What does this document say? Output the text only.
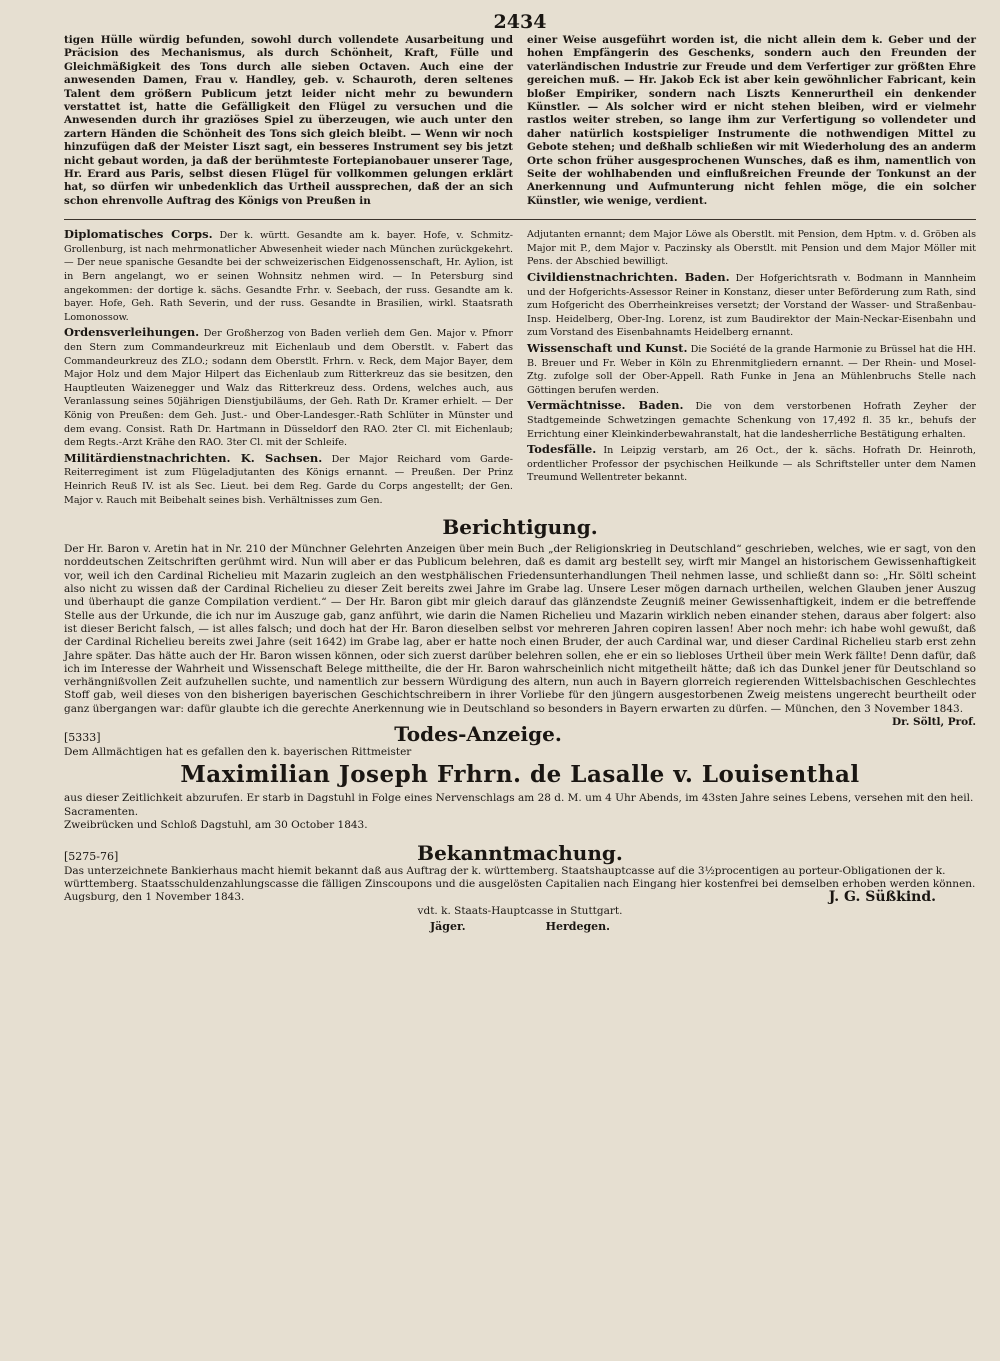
2434

tigen Hülle würdig befunden, sowohl durch vollendete Ausarbeitung und Präcision des Mechanismus, als durch Schönheit, Kraft, Fülle und Gleichmäßigkeit des Tons durch alle sieben Octaven. Auch eine der anwesenden Damen, Frau v. Handley, geb. v. Schauroth, deren seltenes Talent dem größern Publicum jetzt leider nicht mehr zu bewundern verstattet ist, hatte die Gefälligkeit den Flügel zu versuchen und die Anwesenden durch ihr graziöses Spiel zu überzeugen, wie auch unter den zartern Händen die Schönheit des Tons sich gleich bleibt. — Wenn wir noch hinzufügen daß der Meister Liszt sagt, ein besseres Instrument sey bis jetzt nicht gebaut worden, ja daß der berühmteste Fortepianobauer unserer Tage, Hr. Erard aus Paris, selbst diesen Flügel für vollkommen gelungen erklärt hat, so dürfen wir unbedenklich das Urtheil aussprechen, daß der an sich schon ehrenvolle Auftrag des Königs von Preußen in

einer Weise ausgeführt worden ist, die nicht allein dem k. Geber und der hohen Empfängerin des Geschenks, sondern auch den Freunden der vaterländischen Industrie zur Freude und dem Verfertiger zur größten Ehre gereichen muß. — Hr. Jakob Eck ist aber kein gewöhnlicher Fabricant, kein bloßer Empiriker, sondern nach Liszts Kennerurtheil ein denkender Künstler. — Als solcher wird er nicht stehen bleiben, wird er vielmehr rastlos weiter streben, so lange ihm zur Verfertigung so vollendeter und daher natürlich kostspieliger Instrumente die nothwendigen Mittel zu Gebote stehen; und deßhalb schließen wir mit Wiederholung des an anderm Orte schon früher ausgesprochenen Wunsches, daß es ihm, namentlich von Seite der wohlhabenden und einflußreichen Freunde der Tonkunst an der Anerkennung und Aufmunterung nicht fehlen möge, die ein solcher Künstler, wie wenige, verdient.

Diplomatisches Corps. Der k. württ. Gesandte am k. bayer. Hofe, v. Schmitz-Grollenburg, ist nach mehrmonatlicher Abwesenheit wieder nach München zurückgekehrt. — Der neue spanische Gesandte bei der schweizerischen Eidgenossenschaft, Hr. Aylion, ist in Bern angelangt, wo er seinen Wohnsitz nehmen wird. — In Petersburg sind angekommen: der dortige k. sächs. Gesandte Frhr. v. Seebach, der russ. Gesandte am k. bayer. Hofe, Geh. Rath Severin, und der russ. Gesandte in Brasilien, wirkl. Staatsrath Lomonossow.

Ordensverleihungen. Der Großherzog von Baden verlieh dem Gen. Major v. Pfnorr den Stern zum Commandeurkreuz mit Eichenlaub und dem Oberstlt. v. Fabert das Commandeurkreuz des ZLO.; sodann dem Oberstlt. Frhrn. v. Reck, dem Major Bayer, dem Major Holz und dem Major Hilpert das Eichenlaub zum Ritterkreuz das sie besitzen, den Hauptleuten Waizenegger und Walz das Ritterkreuz dess. Ordens, welches auch, aus Veranlassung seines 50jährigen Dienstjubiläums, der Geh. Rath Dr. Kramer erhielt. — Der König von Preußen: dem Geh. Just.- und Ober-Landesger.-Rath Schlüter in Münster und dem evang. Consist. Rath Dr. Hartmann in Düsseldorf den RAO. 2ter Cl. mit Eichenlaub; dem Regts.-Arzt Krähe den RAO. 3ter Cl. mit der Schleife.

Militärdienstnachrichten. K. Sachsen. Der Major Reichard vom Garde-Reiterregiment ist zum Flügeladjutanten des Königs ernannt. — Preußen. Der Prinz Heinrich Reuß IV. ist als Sec. Lieut. bei dem Reg. Garde du Corps angestellt; der Gen. Major v. Rauch mit Beibehalt seines bish. Verhältnisses zum Gen.

Adjutanten ernannt; dem Major Löwe als Oberstlt. mit Pension, dem Hptm. v. d. Gröben als Major mit P., dem Major v. Paczinsky als Oberstlt. mit Pension und dem Major Möller mit Pens. der Abschied bewilligt.

Civildienstnachrichten. Baden. Der Hofgerichtsrath v. Bodmann in Mannheim und der Hofgerichts-Assessor Reiner in Konstanz, dieser unter Beförderung zum Rath, sind zum Hofgericht des Oberrheinkreises versetzt; der Vorstand der Wasser- und Straßenbau-Insp. Heidelberg, Ober-Ing. Lorenz, ist zum Baudirektor der Main-Neckar-Eisenbahn und zum Vorstand des Eisenbahnamts Heidelberg ernannt.

Wissenschaft und Kunst. Die Société de la grande Harmonie zu Brüssel hat die HH. B. Breuer und Fr. Weber in Köln zu Ehrenmitgliedern ernannt. — Der Rhein- und Mosel-Ztg. zufolge soll der Ober-Appell. Rath Funke in Jena an Mühlenbruchs Stelle nach Göttingen berufen werden.

Vermächtnisse. Baden. Die von dem verstorbenen Hofrath Zeyher der Stadtgemeinde Schwetzingen gemachte Schenkung von 17,492 fl. 35 kr., behufs der Errichtung einer Kleinkinderbewahranstalt, hat die landesherrliche Bestätigung erhalten.

Todesfälle. In Leipzig verstarb, am 26 Oct., der k. sächs. Hofrath Dr. Heinroth, ordentlicher Professor der psychischen Heilkunde — als Schriftsteller unter dem Namen Treumund Wellentreter bekannt.

Berichtigung.

Der Hr. Baron v. Aretin hat in Nr. 210 der Münchner Gelehrten Anzeigen über mein Buch „der Religionskrieg in Deutschland“ geschrieben, welches, wie er sagt, von den norddeutschen Zeitschriften gerühmt wird. Nun will aber er das Publicum belehren, daß es damit arg bestellt sey, wirft mir Mangel an historischem Gewissenhaftigkeit vor, weil ich den Cardinal Richelieu mit Mazarin zugleich an den westphälischen Friedensunterhandlungen Theil nehmen lasse, und schließt dann so: „Hr. Söltl scheint also nicht zu wissen daß der Cardinal Richelieu zu dieser Zeit bereits zwei Jahre im Grabe lag. Unsere Leser mögen darnach urtheilen, welchen Glauben jener Auszug und überhaupt die ganze Compilation verdient.“ — Der Hr. Baron gibt mir gleich darauf das glänzendste Zeugniß meiner Gewissenhaftigkeit, indem er die betreffende Stelle aus der Urkunde, die ich nur im Auszuge gab, ganz anführt, wie darin die Namen Richelieu und Mazarin wirklich neben einander stehen, daraus aber folgert: also ist dieser Bericht falsch, — ist alles falsch; und doch hat der Hr. Baron dieselben selbst vor mehreren Jahren copiren lassen! Aber noch mehr: ich habe wohl gewußt, daß der Cardinal Richelieu bereits zwei Jahre (seit 1642) im Grabe lag, aber er hatte noch einen Bruder, der auch Cardinal war, und dieser Cardinal Richelieu starb erst zehn Jahre später. Das hätte auch der Hr. Baron wissen können, oder sich zuerst darüber belehren sollen, ehe er ein so liebloses Urtheil über mein Werk fällte! Denn dafür, daß ich im Interesse der Wahrheit und Wissenschaft Belege mittheilte, die der Hr. Baron wahrscheinlich nicht mitgetheilt hätte; daß ich das Dunkel jener für Deutschland so verhängnißvollen Zeit aufzuhellen suchte, und namentlich zur bessern Würdigung des altern, nun auch in Bayern glorreich regierenden Wittelsbachischen Geschlechtes Stoff gab, weil dieses von den bisherigen bayerischen Geschichtschreibern in ihrer Vorliebe für den jüngern ausgestorbenen Zweig meistens ungerecht beurtheilt oder ganz übergangen war: dafür glaubte ich die gerechte Anerkennung wie in Deutschland so besonders in Bayern erwarten zu dürfen. — München, den 3 November 1843.
Dr. Söltl, Prof.

[5333]	Todes-Anzeige.

Dem Allmächtigen hat es gefallen den k. bayerischen Rittmeister

Maximilian Joseph Frhrn. de Lasalle v. Louisenthal

aus dieser Zeitlichkeit abzurufen. Er starb in Dagstuhl in Folge eines Nervenschlags am 28 d. M. um 4 Uhr Abends, im 43sten Jahre seines Lebens, versehen mit den heil. Sacramenten.

Zweibrücken und Schloß Dagstuhl, am 30 October 1843.

[5275-76]	Bekanntmachung.

Das unterzeichnete Bankierhaus macht hiemit bekannt daß aus Auftrag der k. württemberg. Staatshauptcasse auf die 3½procentigen au porteur-Obligationen der k. württemberg. Staatsschuldenzahlungscasse die fälligen Zinscoupons und die ausgelösten Capitalien nach Eingang hier kostenfrei bei demselben erhoben werden können.

Augsburg, den 1 November 1843.	J. G. Süßkind.

vdt. k. Staats-Hauptcasse in Stuttgart.

Jäger.	Herdegen.
